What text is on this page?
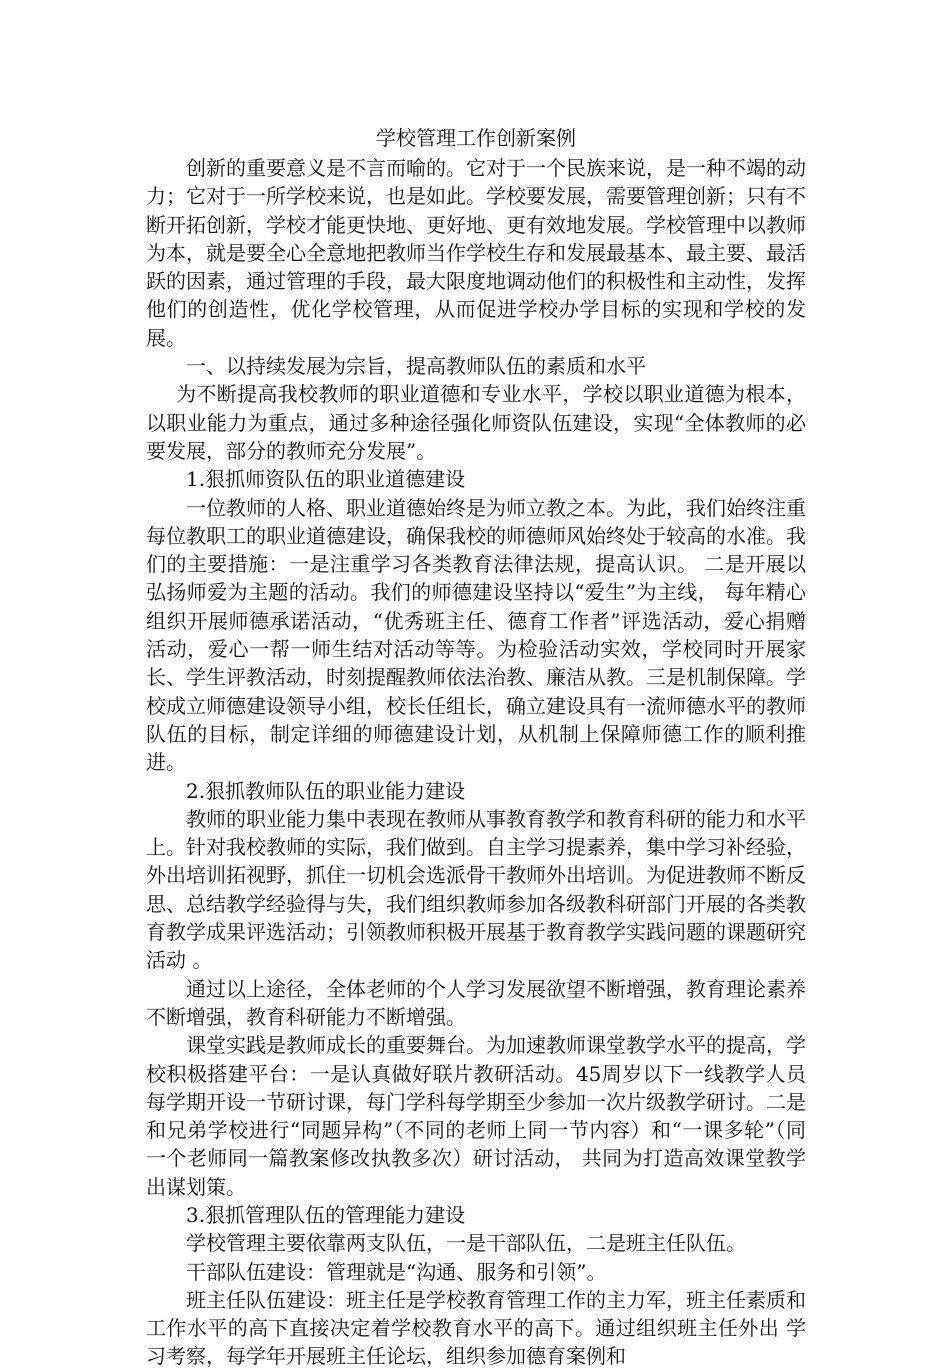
学校管理工作创新案例

创新的重要意义是不言而喻的。它对于一个民族来说，是一种不竭的动力；它对于一所学校来说，也是如此。学校要发展，需要管理创新；只有不断开拓创新，学校才能更快地、更好地、更有效地发展。学校管理中以教师为本，就是要全心全意地把教师当作学校生存和发展最基本、最主要、最活跃的因素，通过管理的手段，最大限度地调动他们的积极性和主动性，发挥他们的创造性，优化学校管理，从而促进学校办学目标的实现和学校的发展。

一、以持续发展为宗旨，提高教师队伍的素质和水平

为不断提高我校教师的职业道德和专业水平，学校以职业道德为根本，以职业能力为重点，通过多种途径强化师资队伍建设，实现“全体教师的必要发展，部分的教师充分发展”。

1.狠抓师资队伍的职业道德建设

一位教师的人格、职业道德始终是为师立教之本。为此，我们始终注重每位教职工的职业道德建设，确保我校的师德师风始终处于较高的水准。我们的主要措施：一是注重学习各类教育法律法规，提高认识。 二是开展以弘扬师爱为主题的活动。我们的师德建设坚持以“爱生”为主线， 每年精心组织开展师德承诺活动，“优秀班主任、德育工作者”评选活动，爱心捐赠活动，爱心一帮一师生结对活动等等。为检验活动实效，学校同时开展家长、学生评教活动，时刻提醒教师依法治教、廉洁从教。三是机制保障。学校成立师德建设领导小组，校长任组长，确立建设具有一流师德水平的教师队伍的目标，制定详细的师德建设计划，从机制上保障师德工作的顺利推进。

2.狠抓教师队伍的职业能力建设

教师的职业能力集中表现在教师从事教育教学和教育科研的能力和水平上。针对我校教师的实际，我们做到。自主学习提素养，集中学习补经验，外出培训拓视野，抓住一切机会选派骨干教师外出培训。为促进教师不断反思、总结教学经验得与失，我们组织教师参加各级教科研部门开展的各类教育教学成果评选活动；引领教师积极开展基于教育教学实践问题的课题研究活动 。

通过以上途径，全体老师的个人学习发展欲望不断增强，教育理论素养不断增强，教育科研能力不断增强。

课堂实践是教师成长的重要舞台。为加速教师课堂教学水平的提高，学校积极搭建平台：一是认真做好联片教研活动。45周岁以下一线教学人员每学期开设一节研讨课，每门学科每学期至少参加一次片级教学研讨。二是和兄弟学校进行“同题异构”（不同的老师上同一节内容）和“一课多轮”（同一个老师同一篇教案修改执教多次）研讨活动， 共同为打造高效课堂教学出谋划策。

3.狠抓管理队伍的管理能力建设

学校管理主要依靠两支队伍，一是干部队伍，二是班主任队伍。

干部队伍建设：管理就是“沟通、服务和引领”。

班主任队伍建设：班主任是学校教育管理工作的主力军，班主任素质和工作水平的高下直接决定着学校教育水平的高下。通过组织班主任外出 学习考察，每学年开展班主任论坛，组织参加德育案例和
